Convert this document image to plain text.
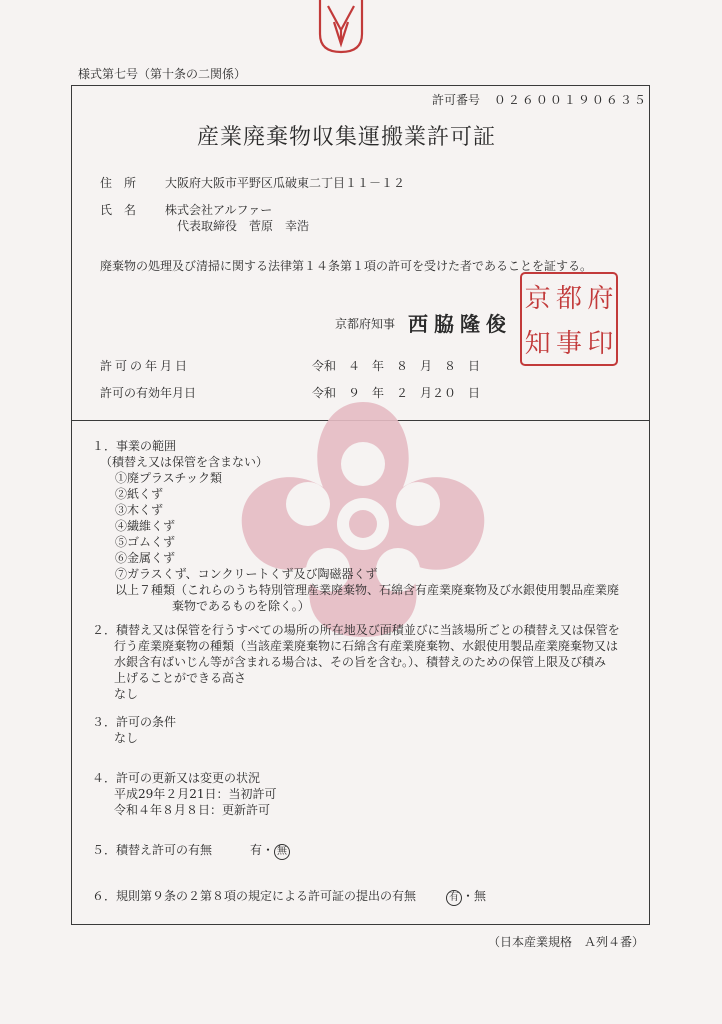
様式第七号（第十条の二関係）
許可番号 ０２６００１９０６３５
産業廃棄物収集運搬業許可証
住　所 大阪府大阪市平野区瓜破東二丁目１１－１２
氏　名 株式会社アルファー
代表取締役　菅原　幸浩
廃棄物の処理及び清掃に関する法律第１４条第１項の許可を受けた者であることを証する。
京都府知事 西脇隆俊
京 都 府
知 事 印
許可の年月日	令和　４　年　８　月　８　日
許可の有効年月日	令和　９　年　２　月２０　日
１．事業の範囲
（積替え又は保管を含まない）
①廃プラスチック類
②紙くず
③木くず
④繊維くず
⑤ゴムくず
⑥金属くず
⑦ガラスくず、コンクリートくず及び陶磁器くず
以上７種類（これらのうち特別管理産業廃棄物、石綿含有産業廃棄物及び水銀使用製品産業廃
棄物であるものを除く。）
２．積替え又は保管を行うすべての場所の所在地及び面積並びに当該場所ごとの積替え又は保管を
行う産業廃棄物の種類（当該産業廃棄物に石綿含有産業廃棄物、水銀使用製品産業廃棄物又は
水銀含有ばいじん等が含まれる場合は、その旨を含む。）、積替えのための保管上限及び積み
上げることができる高さ
なし
３．許可の条件
なし
４．許可の更新又は変更の状況
平成29年２月21日：当初許可
令和４年８月８日：更新許可
５．積替え許可の有無	有・ 無
６．規則第９条の２第８項の規定による許可証の提出の有無	有 ・無
（日本産業規格　Ａ列４番）
